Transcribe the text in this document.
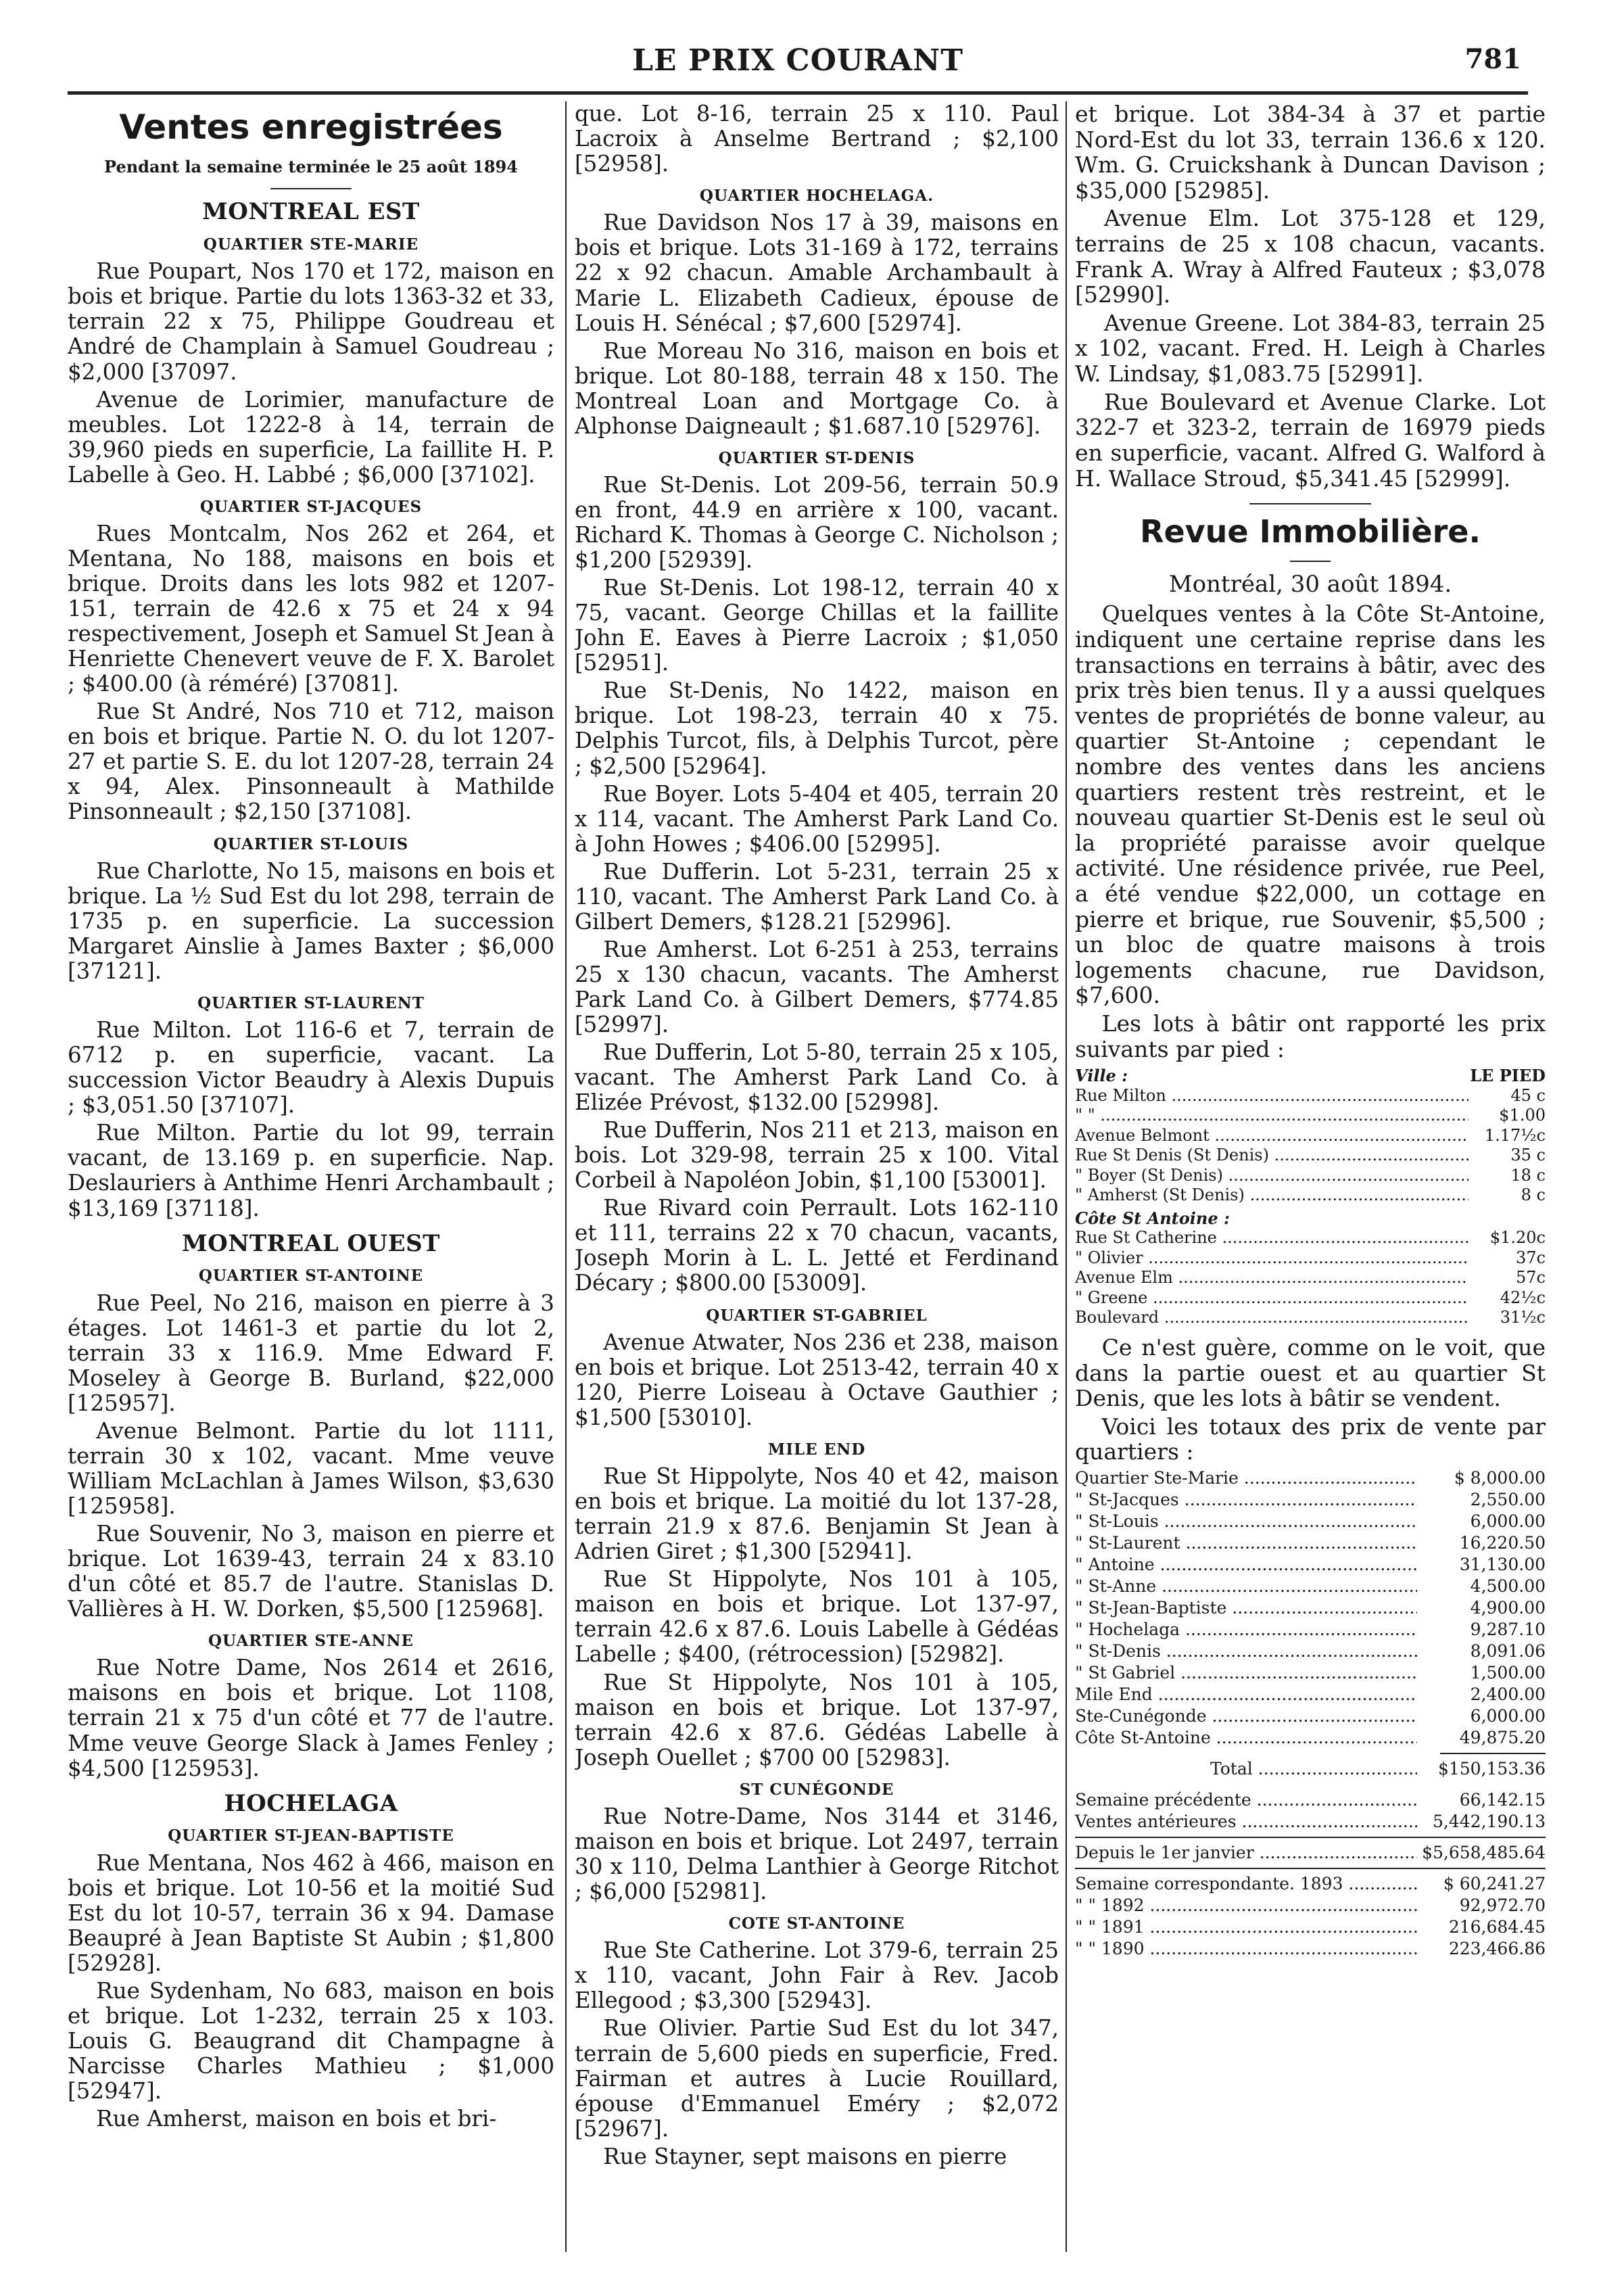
LE PRIX COURANT	781
Ventes enregistrées
Pendant la semaine terminée le 25 août 1894
MONTREAL EST
QUARTIER STE-MARIE

Rue Poupart, Nos 170 et 172, maison en bois et brique. Partie du lots 1363-32 et 33, terrain 22 x 75, Philippe Goudreau et André de Champlain à Samuel Goudreau ; $2,000 [37097.

Avenue de Lorimier, manufacture de meubles. Lot 1222-8 à 14, terrain de 39,960 pieds en superficie, La faillite H. P. Labelle à Geo. H. Labbé ; $6,000 [37102].

QUARTIER ST-JACQUES

Rues Montcalm, Nos 262 et 264, et Mentana, No 188, maisons en bois et brique. Droits dans les lots 982 et 1207-151, terrain de 42.6 x 75 et 24 x 94 respectivement, Joseph et Samuel St Jean à Henriette Chenevert veuve de F. X. Barolet ; $400.00 (à réméré) [37081].

Rue St André, Nos 710 et 712, maison en bois et brique. Partie N. O. du lot 1207-27 et partie S. E. du lot 1207-28, terrain 24 x 94, Alex. Pinsonneault à Mathilde Pinsonneault ; $2,150 [37108].

QUARTIER ST-LOUIS

Rue Charlotte, No 15, maisons en bois et brique. La ½ Sud Est du lot 298, terrain de 1735 p. en superficie. La succession Margaret Ainslie à James Baxter ; $6,000 [37121].

QUARTIER ST-LAURENT

Rue Milton. Lot 116-6 et 7, terrain de 6712 p. en superficie, vacant. La succession Victor Beaudry à Alexis Dupuis ; $3,051.50 [37107].

Rue Milton. Partie du lot 99, terrain vacant, de 13.169 p. en superficie. Nap. Deslauriers à Anthime Henri Archambault ; $13,169 [37118].

MONTREAL OUEST
QUARTIER ST-ANTOINE

Rue Peel, No 216, maison en pierre à 3 étages. Lot 1461-3 et partie du lot 2, terrain 33 x 116.9. Mme Edward F. Moseley à George B. Burland, $22,000 [125957].

Avenue Belmont. Partie du lot 1111, terrain 30 x 102, vacant. Mme veuve William McLachlan à James Wilson, $3,630 [125958].

Rue Souvenir, No 3, maison en pierre et brique. Lot 1639-43, terrain 24 x 83.10 d'un côté et 85.7 de l'autre. Stanislas D. Vallières à H. W. Dorken, $5,500 [125968].

QUARTIER STE-ANNE

Rue Notre Dame, Nos 2614 et 2616, maisons en bois et brique. Lot 1108, terrain 21 x 75 d'un côté et 77 de l'autre. Mme veuve George Slack à James Fenley ; $4,500 [125953].

HOCHELAGA
QUARTIER ST-JEAN-BAPTISTE

Rue Mentana, Nos 462 à 466, maison en bois et brique. Lot 10-56 et la moitié Sud Est du lot 10-57, terrain 36 x 94. Damase Beaupré à Jean Baptiste St Aubin ; $1,800 [52928].

Rue Sydenham, No 683, maison en bois et brique. Lot 1-232, terrain 25 x 103. Louis G. Beaugrand dit Champagne à Narcisse Charles Mathieu ; $1,000 [52947].

Rue Amherst, maison en bois et bri-

que. Lot 8-16, terrain 25 x 110. Paul Lacroix à Anselme Bertrand ; $2,100 [52958].

QUARTIER HOCHELAGA.

Rue Davidson Nos 17 à 39, maisons en bois et brique. Lots 31-169 à 172, terrains 22 x 92 chacun. Amable Archambault à Marie L. Elizabeth Cadieux, épouse de Louis H. Sénécal ; $7,600 [52974].

Rue Moreau No 316, maison en bois et brique. Lot 80-188, terrain 48 x 150. The Montreal Loan and Mortgage Co. à Alphonse Daigneault ; $1.687.10 [52976].

QUARTIER ST-DENIS

Rue St-Denis. Lot 209-56, terrain 50.9 en front, 44.9 en arrière x 100, vacant. Richard K. Thomas à George C. Nicholson ; $1,200 [52939].

Rue St-Denis. Lot 198-12, terrain 40 x 75, vacant. George Chillas et la faillite John E. Eaves à Pierre Lacroix ; $1,050 [52951].

Rue St-Denis, No 1422, maison en brique. Lot 198-23, terrain 40 x 75. Delphis Turcot, fils, à Delphis Turcot, père ; $2,500 [52964].

Rue Boyer. Lots 5-404 et 405, terrain 20 x 114, vacant. The Amherst Park Land Co. à John Howes ; $406.00 [52995].

Rue Dufferin. Lot 5-231, terrain 25 x 110, vacant. The Amherst Park Land Co. à Gilbert Demers, $128.21 [52996].

Rue Amherst. Lot 6-251 à 253, terrains 25 x 130 chacun, vacants. The Amherst Park Land Co. à Gilbert Demers, $774.85 [52997].

Rue Dufferin, Lot 5-80, terrain 25 x 105, vacant. The Amherst Park Land Co. à Elizée Prévost, $132.00 [52998].

Rue Dufferin, Nos 211 et 213, maison en bois. Lot 329-98, terrain 25 x 100. Vital Corbeil à Napoléon Jobin, $1,100 [53001].

Rue Rivard coin Perrault. Lots 162-110 et 111, terrains 22 x 70 chacun, vacants, Joseph Morin à L. L. Jetté et Ferdinand Décary ; $800.00 [53009].

QUARTIER ST-GABRIEL

Avenue Atwater, Nos 236 et 238, maison en bois et brique. Lot 2513-42, terrain 40 x 120, Pierre Loiseau à Octave Gauthier ; $1,500 [53010].

MILE END

Rue St Hippolyte, Nos 40 et 42, maison en bois et brique. La moitié du lot 137-28, terrain 21.9 x 87.6. Benjamin St Jean à Adrien Giret ; $1,300 [52941].

Rue St Hippolyte, Nos 101 à 105, maison en bois et brique. Lot 137-97, terrain 42.6 x 87.6. Louis Labelle à Gédéas Labelle ; $400, (rétrocession) [52982].

Rue St Hippolyte, Nos 101 à 105, maison en bois et brique. Lot 137-97, terrain 42.6 x 87.6. Gédéas Labelle à Joseph Ouellet ; $700 00 [52983].

ST CUNÉGONDE

Rue Notre-Dame, Nos 3144 et 3146, maison en bois et brique. Lot 2497, terrain 30 x 110, Delma Lanthier à George Ritchot ; $6,000 [52981].

COTE ST-ANTOINE

Rue Ste Catherine. Lot 379-6, terrain 25 x 110, vacant, John Fair à Rev. Jacob Ellegood ; $3,300 [52943].

Rue Olivier. Partie Sud Est du lot 347, terrain de 5,600 pieds en superficie, Fred. Fairman et autres à Lucie Rouillard, épouse d'Emmanuel Eméry ; $2,072 [52967].

Rue Stayner, sept maisons en pierre

et brique. Lot 384-34 à 37 et partie Nord-Est du lot 33, terrain 136.6 x 120. Wm. G. Cruickshank à Duncan Davison ; $35,000 [52985].

Avenue Elm. Lot 375-128 et 129, terrains de 25 x 108 chacun, vacants. Frank A. Wray à Alfred Fauteux ; $3,078 [52990].

Avenue Greene. Lot 384-83, terrain 25 x 102, vacant. Fred. H. Leigh à Charles W. Lindsay, $1,083.75 [52991].

Rue Boulevard et Avenue Clarke. Lot 322-7 et 323-2, terrain de 16979 pieds en superficie, vacant. Alfred G. Walford à H. Wallace Stroud, $5,341.45 [52999].

Revue Immobilière.
Montréal, 30 août 1894.

Quelques ventes à la Côte St-Antoine, indiquent une certaine reprise dans les transactions en terrains à bâtir, avec des prix très bien tenus. Il y a aussi quelques ventes de propriétés de bonne valeur, au quartier St-Antoine ; cependant le nombre des ventes dans les anciens quartiers restent très restreint, et le nouveau quartier St-Denis est le seul où la propriété paraisse avoir quelque activité. Une résidence privée, rue Peel, a été vendue $22,000, un cottage en pierre et brique, rue Souvenir, $5,500 ; un bloc de quatre maisons à trois logements chacune, rue Davidson, $7,600.

Les lots à bâtir ont rapporté les prix suivants par pied :

Ville :	LE PIED
Rue Milton .....	45 c
" " .....	$1.00
Avenue Belmont .....	1.17½c
Rue St Denis (St Denis) .....	35 c
" Boyer (St Denis) .....	18 c
" Amherst (St Denis) .....	8 c
Côte St Antoine :
Rue St Catherine .....	$1.20c
" Olivier .....	37c
Avenue Elm .....	57c
" Greene .....	42½c
Boulevard .....	31½c

Ce n'est guère, comme on le voit, que dans la partie ouest et au quartier St Denis, que les lots à bâtir se vendent.

Voici les totaux des prix de vente par quartiers :

Quartier Ste-Marie .....	$ 8,000.00
" St-Jacques .....	2,550.00
" St-Louis .....	6,000.00
" St-Laurent .....	16,220.50
" Antoine .....	31,130.00
" St-Anne .....	4,500.00
" St-Jean-Baptiste .....	4,900.00
" Hochelaga .....	9,287.10
" St-Denis .....	8,091.06
" St Gabriel .....	1,500.00
Mile End .....	2,400.00
Ste-Cunégonde .....	6,000.00
Côte St-Antoine .....	49,875.20
Total .....	$150,153.36
Semaine précédente .....	66,142.15
Ventes antérieures .....	5,442,190.13
Depuis le 1er janvier .....	$5,658,485.64
Semaine correspondante. 1893 .....	$ 60,241.27
" " 1892 .....	92,972.70
" " 1891 .....	216,684.45
" " 1890 .....	223,466.86
